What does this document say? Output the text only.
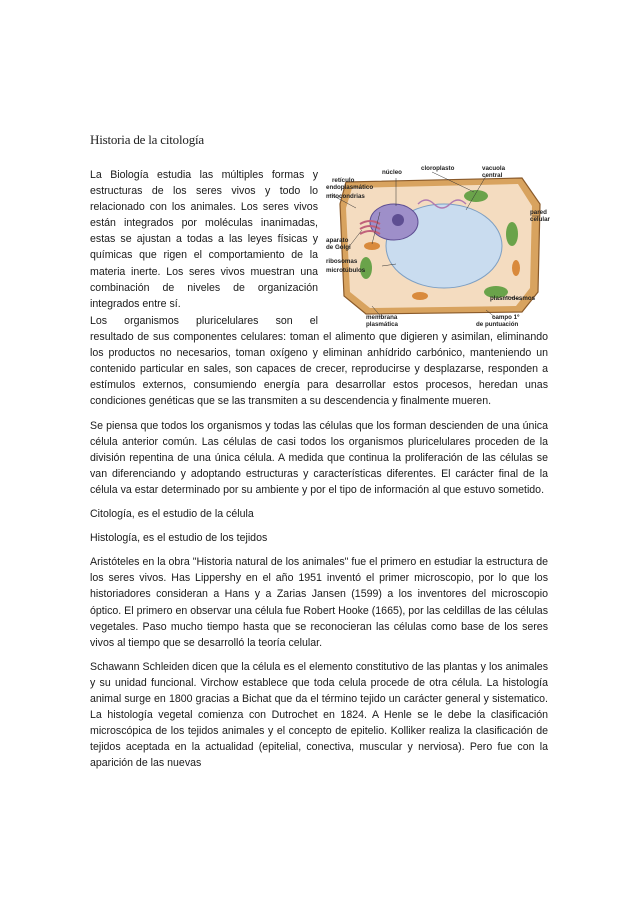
Historia de la citología
La Biología estudia las múltiples formas y estructuras de los seres vivos y todo lo relacionado con los animales. Los seres vivos están integrados por moléculas inanimadas, estas se ajustan a todas a las leyes físicas y químicas que rigen el comportamiento de la materia inerte. Los seres vivos muestran una combinación de niveles de organización integrados entre sí.
núcleo
cloroplasto	vacuola
central
retículo
endoplasmático
mitocondrias
pared
celular
aparato
de Golgi
ribosomas
microtúbulos
plasmodesmos
membrana
plasmática
campo 1º
de puntuación

Los organismos pluricelulares son el
resultado de sus componentes celulares: toman el alimento que digieren y asimilan, eliminando los productos no necesarios, toman oxígeno y eliminan anhídrido carbónico, manteniendo un contenido particular en sales, son capaces de crecer, reproducirse y desplazarse, responden a estímulos externos, consumiendo energía para desarrollar estos procesos, heredan unas condiciones genéticas que se las transmiten a su descendencia y finalmente mueren.

Se piensa que todos los organismos y todas las células que los forman descienden de una única célula anterior común. Las células de casi todos los organismos pluricelulares proceden de la división repentina de una única célula. A medida que continua la proliferación de las células se van diferenciando y adoptando estructuras y características diferentes. El carácter final de la célula va estar determinado por su ambiente y por el tipo de información al que estuvo sometido.

Citología, es el estudio de la célula

Histología, es el estudio de los tejidos

Aristóteles en la obra "Historia natural de los animales" fue el primero en estudiar la estructura de los seres vivos. Has Lippershy en el año 1951 inventó el primer microscopio, por lo que los historiadores consideran a Hans y a Zarias Jansen (1599) a los inventores del microscopio óptico. El primero en observar una célula fue Robert Hooke (1665), por las celdillas de las células vegetales. Paso mucho tiempo hasta que se reconocieran las células como base de los seres vivos al tiempo que se desarrolló la teoría celular.

Schawann Schleiden dicen que la célula es el elemento constitutivo de las plantas y los animales y su unidad funcional. Virchow establece que toda celula procede de otra célula. La histología animal surge en 1800 gracias a Bichat que da el término tejido un carácter general y sistematico. La histología vegetal comienza con Dutrochet en 1824. A Henle se le debe la clasificación microscópica de los tejidos animales y el concepto de epitelio. Kolliker realiza la clasificación de tejidos aceptada en la actualidad (epitelial, conectiva, muscular y nerviosa). Pero fue con la aparición de las nuevas
